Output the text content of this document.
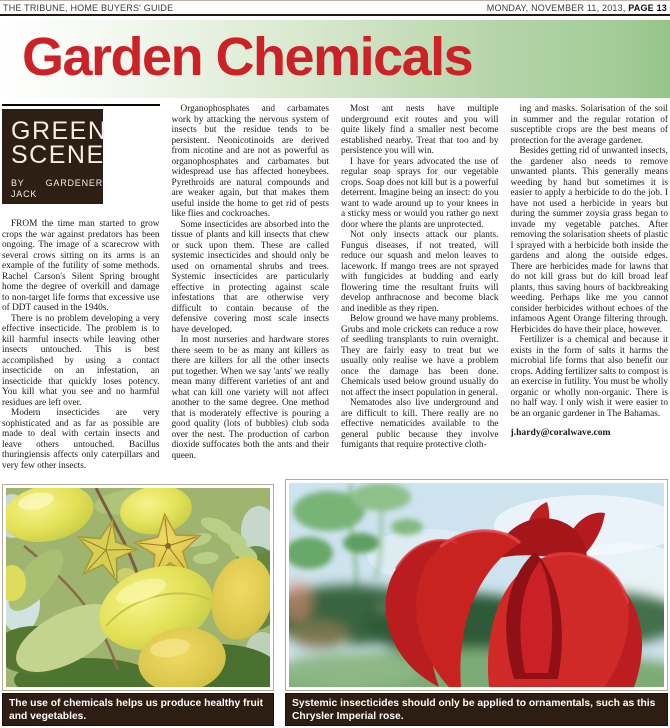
THE TRIBUNE, HOME BUYERS' GUIDE	MONDAY, NOVEMBER 11, 2013, PAGE 13
Garden Chemicals
GREEN
SCENE
BY GARDENER JACK

FROM the time man started to grow crops the war against predators has been ongoing. The image of a scarecrow with several crows sitting on its arms is an example of the futility of some methods. Rachel Carson's Silent Spring brought home the degree of overkill and damage to non-target life forms that excessive use of DDT caused in the 1940s.

There is no problem developing a very effective insecticide. The problem is to kill harmful insects while leaving other insects untouched. This is best accomplished by using a contact insecticide on an infestation, an insecticide that quickly loses potency. You kill what you see and no harmful residues are left over.

Modern insecticides are very sophisticated and as far as possible are made to deal with certain insects and leave others untouched. Bacillus thuringiensis affects only caterpillars and very few other insects.

Organophosphates and carbamates work by attacking the nervous system of insects but the residue tends to be persistent. Neonicotinoids are derived from nicotine and are not as powerful as organophosphates and carbamates but widespread use has affected honeybees. Pyrethroids are natural compounds and are weaker again, but that makes them useful inside the home to get rid of pests like flies and cockroaches.

Some insecticides are absorbed into the tissue of plants and kill insects that chew or suck upon them. These are called systemic insecticides and should only be used on ornamental shrubs and trees. Systemic insecticides are particularly effective in protecting against scale infestations that are otherwise very difficult to contain because of the defensive covering most scale insects have developed.

In most nurseries and hardware stores there seem to be as many ant killers as there are killers for all the other insects put together. When we say 'ants' we really mean many different varieties of ant and what can kill one variety will not affect another to the same degree. One method that is moderately effective is pouring a good quality (lots of bubbles) club soda over the nest. The production of carbon dioxide suffocates both the ants and their queen.

Most ant nests have multiple underground exit routes and you will quite likely find a smaller nest become established nearby. Treat that too and by persistence you will win.

I have for years advocated the use of regular soap sprays for our vegetable crops. Soap does not kill but is a powerful deterrent. Imagine being an insect: do you want to wade around up to your knees in a sticky mess or would you rather go next door where the plants are unprotected.

Not only insects attack our plants. Fungus diseases, if not treated, will reduce our squash and melon leaves to lacework. If mango trees are not sprayed with fungicides at budding and early flowering time the resultant fruits will develop anthracnose and become black and inedible as they ripen.

Below ground we have many problems. Grubs and mole crickets can reduce a row of seedling transplants to ruin overnight. They are fairly easy to treat but we usually only realise we have a problem once the damage has been done. Chemicals used below ground usually do not affect the insect population in general.

Nematodes also live underground and are difficult to kill. There really are no effective nematicides available to the general public because they involve fumigants that require protective cloth-

ing and masks. Solarisation of the soil in summer and the regular rotation of susceptible crops are the best means of protection for the average gardener.

Besides getting rid of unwanted insects, the gardener also needs to remove unwanted plants. This generally means weeding by hand but sometimes it is easier to apply a herbicide to do the job. I have not used a herbicide in years but during the summer zoysia grass began to invade my vegetable patches. After removing the solarisation sheets of plastic I sprayed with a herbicide both inside the gardens and along the outside edges. There are herbicides made for lawns that do not kill grass but do kill broad leaf plants, thus saving hours of backbreaking weeding. Perhaps like me you cannot consider herbicides without echoes of the infamous Agent Orange filtering through. Herbicides do have their place, however.

Fertilizer is a chemical and because it exists in the form of salts it harms the microbial life forms that also benefit our crops. Adding fertilizer salts to compost is an exercise in futility. You must be wholly organic or wholly non-organic. There is no half way. I only wish it were easier to be an organic gardener in The Bahamas.

j.hardy@coralwave.com

The use of chemicals helps us produce healthy fruit and vegetables.
Systemic insecticides should only be applied to ornamentals, such as this Chrysler Imperial rose.
